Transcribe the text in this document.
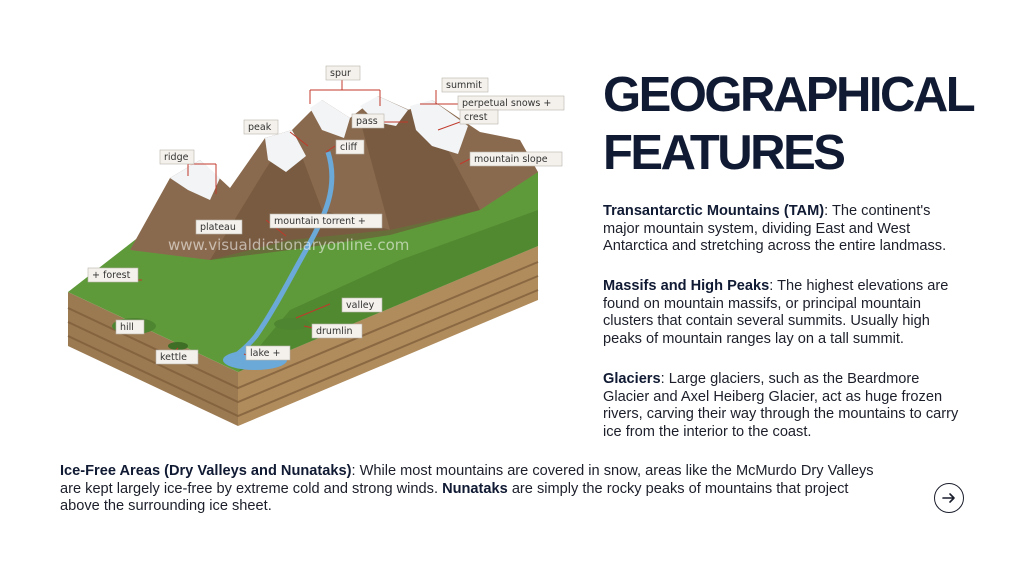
GEOGRAPHICAL
FEATURES

Transantarctic Mountains (TAM): The continent's major mountain system, dividing East and West Antarctica and stretching across the entire landmass.

Massifs and High Peaks: The highest elevations are found on mountain massifs, or principal mountain clusters that contain several summits. Usually high peaks of mountain ranges lay on a tall summit.

Glaciers: Large glaciers, such as the Beardmore Glacier and Axel Heiberg Glacier, act as huge frozen rivers, carving their way through the mountains to carry ice from the interior to the coast.

Ice-Free Areas (Dry Valleys and Nunataks): While most mountains are covered in snow, areas like the McMurdo Dry Valleys are kept largely ice-free by extreme cold and strong winds. Nunataks are simply the rocky peaks of mountains that project above the surrounding ice sheet.

www.visualdictionaryonline.com
spur
summit
perpetual snows +
pass	crest
peak
cliff
mountain slope
ridge
plateau
mountain torrent +
+ forest
valley
hill	drumlin
lake +
kettle
